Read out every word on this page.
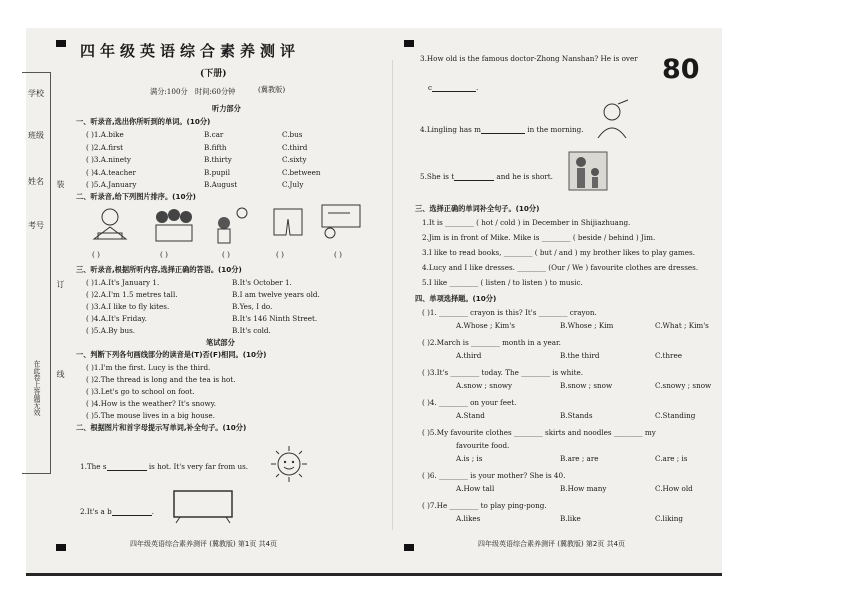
学校
班级
姓名
考号
装
订
线
在此卷上答题无效
四年级英语综合素养测评
(下册)
满分:100分 时间:60分钟	(冀教版)
听力部分
一、听录音,选出你所听到的单词。(10分)
( )1.A.bike	B.car	C.bus
( )2.A.first	B.fifth	C.third
( )3.A.ninety	B.thirty	C.sixty
( )4.A.teacher	B.pupil	C.between
( )5.A.January	B.August	C.July
二、听录音,给下列图片排序。(10分)
( )	( )	( )	( )	( )
三、听录音,根据所听内容,选择正确的答语。(10分)
( )1.A.It's January 1.	B.It's October 1.
( )2.A.I'm 1.5 metres tall.	B.I am twelve years old.
( )3.A.I like to fly kites.	B.Yes, I do.
( )4.A.It's Friday.	B.It's 146 Ninth Street.
( )5.A.By bus.	B.It's cold.
笔试部分
一、判断下列各句画线部分的读音是(T)否(F)相同。(10分)
( )1.I'm the first. Lucy is the third.
( )2.The thread is long and the tea is hot.
( )3.Let's go to school on foot.
( )4.How is the weather? It's snowy.
( )5.The mouse lives in a big house.
二、根据图片和首字母提示写单词,补全句子。(10分)
1.The s	is hot. It's very far from us.
2.It's a b	.
四年级英语综合素养测评 (冀教版) 第1页 共4页
3.How old is the famous doctor-Zhong Nanshan? He is over
c	.
80
4.Lingling has m	in the morning.
5.She is t	and he is short.
三、选择正确的单词补全句子。(10分)
1.It is ________ ( hot / cold ) in December in Shijiazhuang.
2.Jim is in front of Mike. Mike is ________ ( beside / behind ) Jim.
3.I like to read books, ________ ( but / and ) my brother likes to play games.
4.Lucy and I like dresses. ________ (Our / We ) favourite clothes are dresses.
5.I like ________ ( listen / to listen ) to music.
四、单项选择题。(10分)
( )1. ________ crayon is this? It's ________ crayon.
A.Whose ; Kim's	B.Whose ; Kim	C.What ; Kim's
( )2.March is ________ month in a year.
A.third	B.the third	C.three
( )3.It's ________ today. The ________ is white.
A.snow ; snowy	B.snow ; snow	C.snowy ; snow
( )4. ________ on your feet.
A.Stand	B.Stands	C.Standing
( )5.My favourite clothes ________ skirts and noodles ________ my
favourite food.
A.is ; is	B.are ; are	C.are ; is
( )6. ________ is your mother? She is 40.
A.How tall	B.How many	C.How old
( )7.He ________ to play ping-pong.
A.likes	B.like	C.liking
四年级英语综合素养测评 (冀教版) 第2页 共4页
